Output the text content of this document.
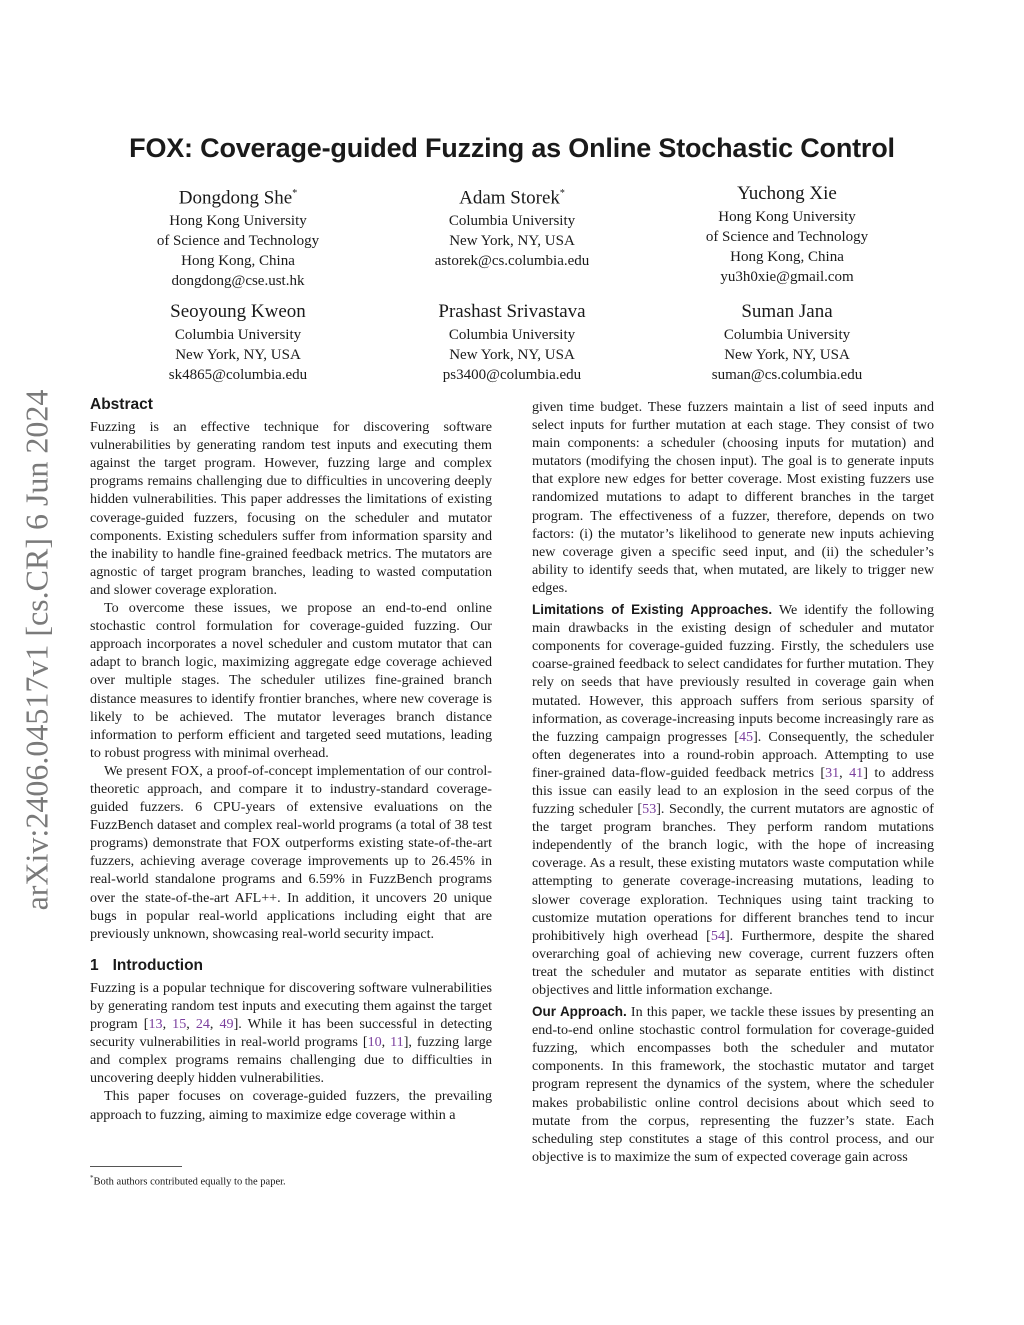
FOX: Coverage-guided Fuzzing as Online Stochastic Control
Dongdong She*
Hong Kong University
of Science and Technology
Hong Kong, China
dongdong@cse.ust.hk
Adam Storek*
Columbia University
New York, NY, USA
astorek@cs.columbia.edu
Yuchong Xie
Hong Kong University
of Science and Technology
Hong Kong, China
yu3h0xie@gmail.com
Seoyoung Kweon
Columbia University
New York, NY, USA
sk4865@columbia.edu
Prashast Srivastava
Columbia University
New York, NY, USA
ps3400@columbia.edu
Suman Jana
Columbia University
New York, NY, USA
suman@cs.columbia.edu
arXiv:2406.04517v1 [cs.CR] 6 Jun 2024 Abstract

Fuzzing is an effective technique for discovering software vulnerabilities by generating random test inputs and executing them against the target program. However, fuzzing large and complex programs remains challenging due to difficulties in uncovering deeply hidden vulnerabilities. This paper addresses the limitations of existing coverage-guided fuzzers, focusing on the scheduler and mutator components. Existing schedulers suffer from information sparsity and the inability to handle fine-grained feedback metrics. The mutators are agnostic of target program branches, leading to wasted computation and slower coverage exploration.

To overcome these issues, we propose an end-to-end online stochastic control formulation for coverage-guided fuzzing. Our approach incorporates a novel scheduler and custom mutator that can adapt to branch logic, maximizing aggregate edge coverage achieved over multiple stages. The scheduler utilizes fine-grained branch distance measures to identify frontier branches, where new coverage is likely to be achieved. The mutator leverages branch distance information to perform efficient and targeted seed mutations, leading to robust progress with minimal overhead.

We present FOX, a proof-of-concept implementation of our control-theoretic approach, and compare it to industry-standard coverage-guided fuzzers. 6 CPU-years of extensive evaluations on the FuzzBench dataset and complex real-world programs (a total of 38 test programs) demonstrate that FOX outperforms existing state-of-the-art fuzzers, achieving average coverage improvements up to 26.45% in real-world standalone programs and 6.59% in FuzzBench programs over the state-of-the-art AFL++. In addition, it uncovers 20 unique bugs in popular real-world applications including eight that are previously unknown, showcasing real-world security impact.

1 Introduction

Fuzzing is a popular technique for discovering software vulnerabilities by generating random test inputs and executing them against the target program [13, 15, 24, 49]. While it has been successful in detecting security vulnerabilities in real-world programs [10, 11], fuzzing large and complex programs remains challenging due to difficulties in uncovering deeply hidden vulnerabilities.

This paper focuses on coverage-guided fuzzers, the prevailing approach to fuzzing, aiming to maximize edge coverage within a

*Both authors contributed equally to the paper.

given time budget. These fuzzers maintain a list of seed inputs and select inputs for further mutation at each stage. They consist of two main components: a scheduler (choosing inputs for mutation) and mutators (modifying the chosen input). The goal is to generate inputs that explore new edges for better coverage. Most existing fuzzers use randomized mutations to adapt to different branches in the target program. The effectiveness of a fuzzer, therefore, depends on two factors: (i) the mutator’s likelihood to generate new inputs achieving new coverage given a specific seed input, and (ii) the scheduler’s ability to identify seeds that, when mutated, are likely to trigger new edges.

Limitations of Existing Approaches. We identify the following main drawbacks in the existing design of scheduler and mutator components for coverage-guided fuzzing. Firstly, the schedulers use coarse-grained feedback to select candidates for further mutation. They rely on seeds that have previously resulted in coverage gain when mutated. However, this approach suffers from serious sparsity of information, as coverage-increasing inputs become increasingly rare as the fuzzing campaign progresses [45]. Consequently, the scheduler often degenerates into a round-robin approach. Attempting to use finer-grained data-flow-guided feedback metrics [31, 41] to address this issue can easily lead to an explosion in the seed corpus of the fuzzing scheduler [53]. Secondly, the current mutators are agnostic of the target program branches. They perform random mutations independently of the branch logic, with the hope of increasing coverage. As a result, these existing mutators waste computation while attempting to generate coverage-increasing mutations, leading to slower coverage exploration. Techniques using taint tracking to customize mutation operations for different branches tend to incur prohibitively high overhead [54]. Furthermore, despite the shared overarching goal of achieving new coverage, current fuzzers often treat the scheduler and mutator as separate entities with distinct objectives and little information exchange.

Our Approach. In this paper, we tackle these issues by presenting an end-to-end online stochastic control formulation for coverage-guided fuzzing, which encompasses both the scheduler and mutator components. In this framework, the stochastic mutator and target program represent the dynamics of the system, where the scheduler makes probabilistic online control decisions about which seed to mutate from the corpus, representing the fuzzer’s state. Each scheduling step constitutes a stage of this control process, and our objective is to maximize the sum of expected coverage gain across
